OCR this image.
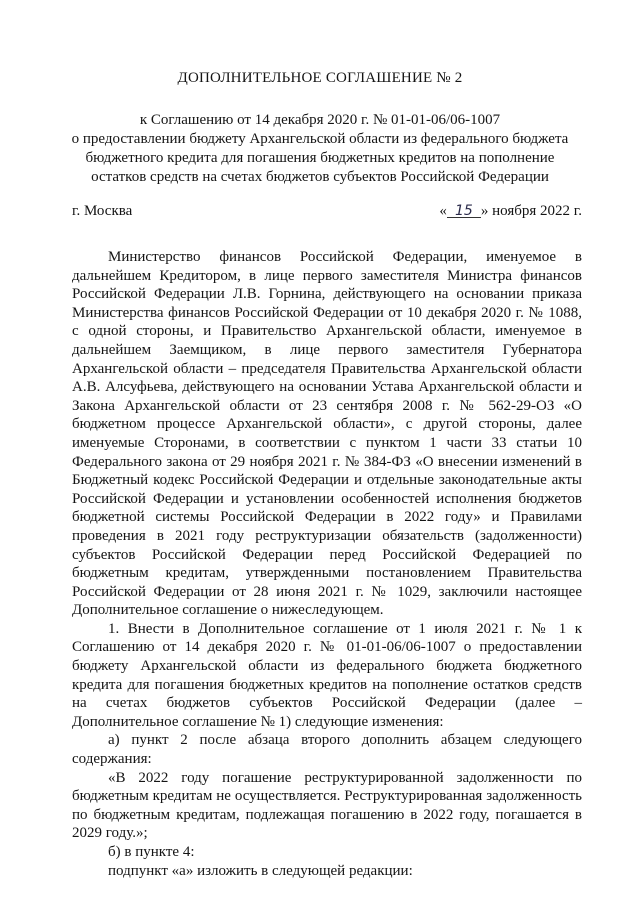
ДОПОЛНИТЕЛЬНОЕ СОГЛАШЕНИЕ № 2
к Соглашению от 14 декабря 2020 г. № 01-01-06/06-1007
о предоставлении бюджету Архангельской области из федерального бюджета
бюджетного кредита для погашения бюджетных кредитов на пополнение
остатков средств на счетах бюджетов субъектов Российской Федерации
г. Москва	« 15 » ноября 2022 г.

Министерство финансов Российской Федерации, именуемое в дальнейшем Кредитором, в лице первого заместителя Министра финансов Российской Федерации Л.В. Горнина, действующего на основании приказа Министерства финансов Российской Федерации от 10 декабря 2020 г. № 1088, с одной стороны, и Правительство Архангельской области, именуемое в дальнейшем Заемщиком, в лице первого заместителя Губернатора Архангельской области – председателя Правительства Архангельской области А.В. Алсуфьева, действующего на основании Устава Архангельской области и Закона Архангельской области от 23 сентября 2008 г. № 562-29-ОЗ «О бюджетном процессе Архангельской области», с другой стороны, далее именуемые Сторонами, в соответствии с пунктом 1 части 33 статьи 10 Федерального закона от 29 ноября 2021 г. № 384-ФЗ «О внесении изменений в Бюджетный кодекс Российской Федерации и отдельные законодательные акты Российской Федерации и установлении особенностей исполнения бюджетов бюджетной системы Российской Федерации в 2022 году» и Правилами проведения в 2021 году реструктуризации обязательств (задолженности) субъектов Российской Федерации перед Российской Федерацией по бюджетным кредитам, утвержденными постановлением Правительства Российской Федерации от 28 июня 2021 г. № 1029, заключили настоящее Дополнительное соглашение о нижеследующем.

1. Внести в Дополнительное соглашение от 1 июля 2021 г. № 1 к Соглашению от 14 декабря 2020 г. № 01-01-06/06-1007 о предоставлении бюджету Архангельской области из федерального бюджета бюджетного кредита для погашения бюджетных кредитов на пополнение остатков средств на счетах бюджетов субъектов Российской Федерации (далее – Дополнительное соглашение № 1) следующие изменения:

а) пункт 2 после абзаца второго дополнить абзацем следующего содержания:

«В 2022 году погашение реструктурированной задолженности по бюджетным кредитам не осуществляется. Реструктурированная задолженность по бюджетным кредитам, подлежащая погашению в 2022 году, погашается в 2029 году.»;

б) в пункте 4:

подпункт «а» изложить в следующей редакции:
